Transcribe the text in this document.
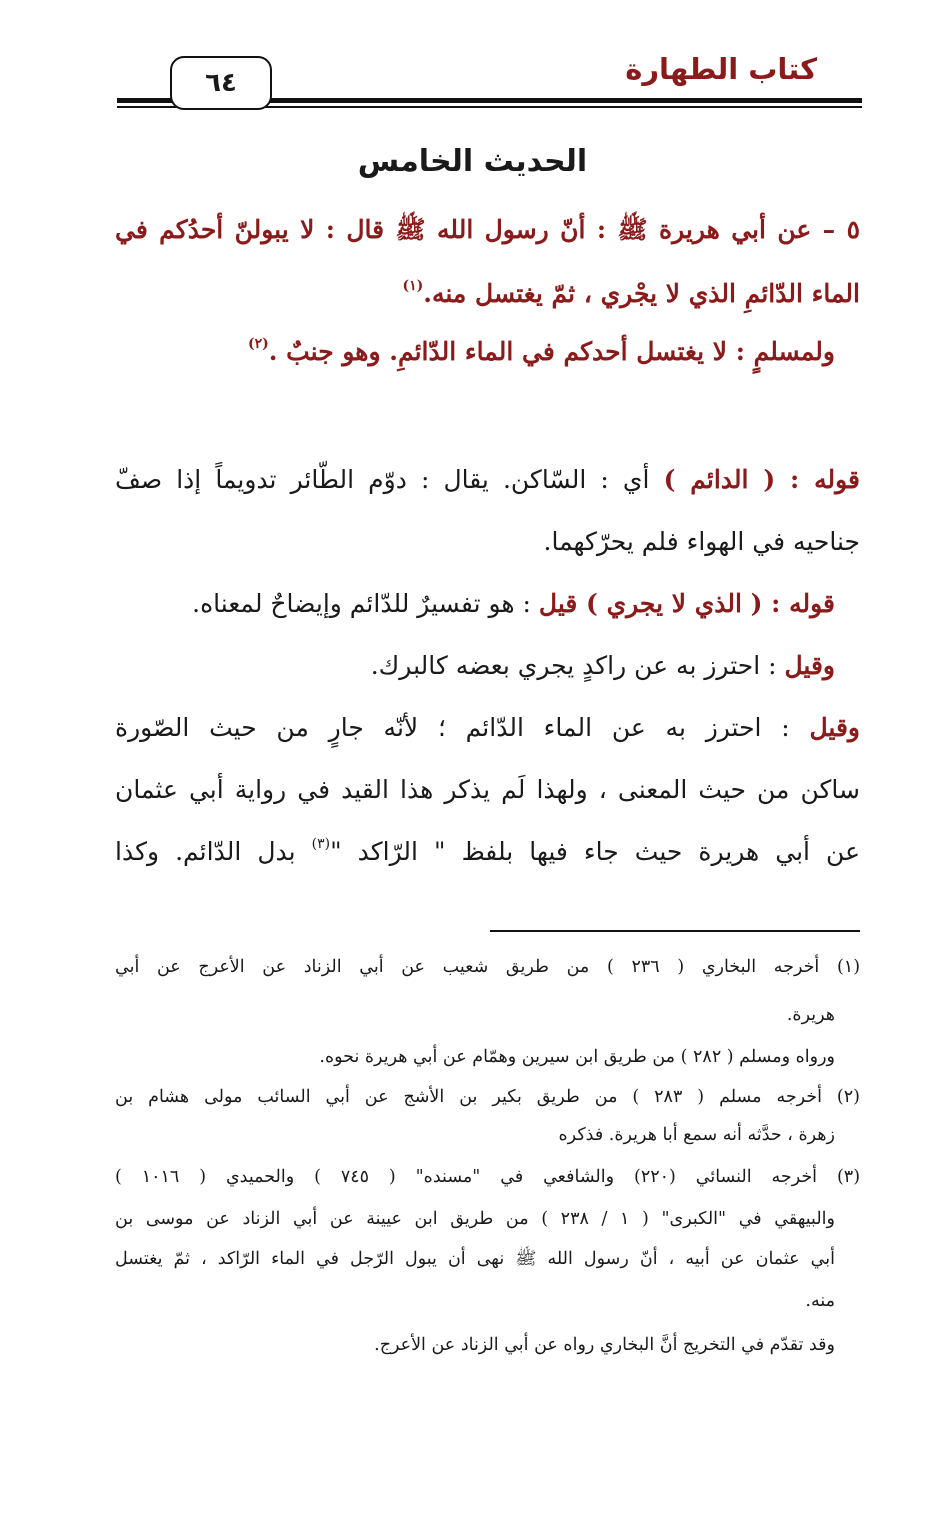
كتاب الطهارة
٦٤
الحديث الخامس
٥ – عن أبي هريرة ﷺ : أنّ رسول الله ﷺ قال : لا يبولنّ أحدُكم في
الماء الدّائمِ الذي لا يجْري ، ثمّ يغتسل منه.$^{(١)}$
ولمسلمٍ : لا يغتسل أحدكم في الماء الدّائمِ. وهو جنبٌ .$^{(٢)}$
قوله : ( الدائم ) أي : السّاكن. يقال : دوّم الطّائر تدويماً إذا صفّ
جناحيه في الهواء فلم يحرّكهما.
قوله : ( الذي لا يجري ) قيل : هو تفسيرٌ للدّائم وإيضاحٌ لمعناه.
وقيل : احترز به عن راكدٍ يجري بعضه كالبرك.
وقيل : احترز به عن الماء الدّائم ؛ لأنّه جارٍ من حيث الصّورة
ساكن من حيث المعنى ، ولهذا لَم يذكر هذا القيد في رواية أبي عثمان
عن أبي هريرة حيث جاء فيها بلفظ " الرّاكد "$^{(٣)}$ بدل الدّائم. وكذا
(١) أخرجه البخاري ( ٢٣٦ ) من طريق شعيب عن أبي الزناد عن الأعرج عن أبي
هريرة.
ورواه ومسلم ( ٢٨٢ ) من طريق ابن سيرين وهمّام عن أبي هريرة نحوه.
(٢) أخرجه مسلم ( ٢٨٣ ) من طريق بكير بن الأشج عن أبي السائب مولى هشام بن
زهرة ، حدَّثه أنه سمع أبا هريرة. فذكره
(٣) أخرجه النسائي (٢٢٠) والشافعي في "مسنده" ( ٧٤٥ ) والحميدي ( ١٠١٦ )
والبيهقي في "الكبرى" ( ١ / ٢٣٨ ) من طريق ابن عيينة عن أبي الزناد عن موسى بن
أبي عثمان عن أبيه ، أنّ رسول الله ﷺ نهى أن يبول الرّجل في الماء الرّاكد ، ثمّ يغتسل
منه.
وقد تقدّم في التخريج أنَّ البخاري رواه عن أبي الزناد عن الأعرج.
